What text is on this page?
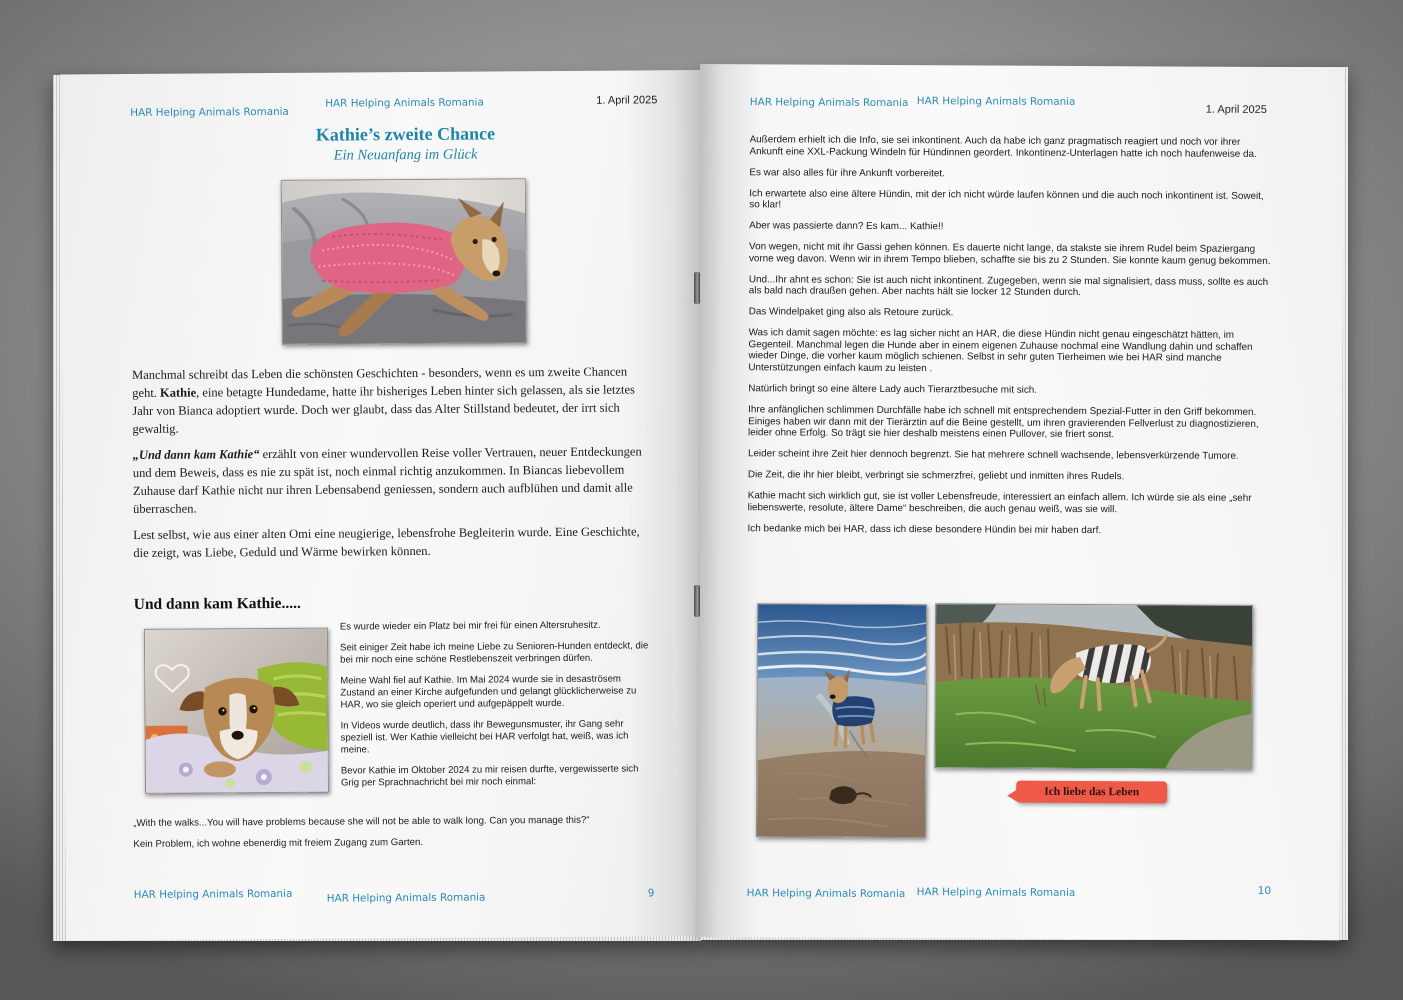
HAR Helping Animals Romania
HAR Helping Animals Romania	1. April 2025
Kathie’s zweite Chance
Ein Neuanfang im Glück

Manchmal schreibt das Leben die schönsten Geschichten - besonders, wenn es um zweite Chancen geht. Kathie, eine betagte Hundedame, hatte ihr bisheriges Leben hinter sich gelassen, als sie letztes Jahr von Bianca adoptiert wurde. Doch wer glaubt, dass das Alter Stillstand bedeutet, der irrt sich gewaltig.

„Und dann kam Kathie“ erzählt von einer wundervollen Reise voller Vertrauen, neuer Entdeckungen und dem Beweis, dass es nie zu spät ist, noch einmal richtig anzukommen. In Biancas liebevollem Zuhause darf Kathie nicht nur ihren Lebensabend geniessen, sondern auch aufblühen und damit alle überraschen.

Lest selbst, wie aus einer alten Omi eine neugierige, lebensfrohe Begleiterin wurde. Eine Geschichte, die zeigt, was Liebe, Geduld und Wärme bewirken können.

Und dann kam Kathie.....

Es wurde wieder ein Platz bei mir frei für einen Altersruhesitz.

Seit einiger Zeit habe ich meine Liebe zu Senioren-Hunden entdeckt, die bei mir noch eine schöne Restlebenszeit verbringen dürfen.

Meine Wahl fiel auf Kathie. Im Mai 2024 wurde sie in desaströsem Zustand an einer Kirche aufgefunden und gelangt glücklicherweise zu HAR, wo sie gleich operiert und aufgepäppelt wurde.

In Videos wurde deutlich, dass ihr Bewegunsmuster, ihr Gang sehr speziell ist. Wer Kathie vielleicht bei HAR verfolgt hat, weiß, was ich meine.

Bevor Kathie im Oktober 2024 zu mir reisen durfte, vergewisserte sich Grig per Sprachnachricht bei mir noch einmal:

„With the walks...You will have problems because she will not be able to walk long. Can you manage this?“
Kein Problem, ich wohne ebenerdig mit freiem Zugang zum Garten.
HAR Helping Animals Romania	HAR Helping Animals Romania	9
HAR Helping Animals Romania HAR Helping Animals Romania
1. April 2025

Außerdem erhielt ich die Info, sie sei inkontinent. Auch da habe ich ganz pragmatisch reagiert und noch vor ihrer Ankunft eine XXL-Packung Windeln für Hündinnen geordert. Inkontinenz-Unterlagen hatte ich noch haufenweise da.

Es war also alles für ihre Ankunft vorbereitet.

Ich erwartete also eine ältere Hündin, mit der ich nicht würde laufen können und die auch noch inkontinent ist. Soweit, so klar!

Aber was passierte dann? Es kam... Kathie!!

Von wegen, nicht mit ihr Gassi gehen können. Es dauerte nicht lange, da stakste sie ihrem Rudel beim Spaziergang vorne weg davon. Wenn wir in ihrem Tempo blieben, schaffte sie bis zu 2 Stunden. Sie konnte kaum genug bekommen.

Und...Ihr ahnt es schon: Sie ist auch nicht inkontinent. Zugegeben, wenn sie mal signalisiert, dass muss, sollte es auch als bald nach draußen gehen. Aber nachts hält sie locker 12 Stunden durch.

Das Windelpaket ging also als Retoure zurück.

Was ich damit sagen möchte: es lag sicher nicht an HAR, die diese Hündin nicht genau eingeschätzt hätten, im Gegenteil. Manchmal legen die Hunde aber in einem eigenen Zuhause nochmal eine Wandlung dahin und schaffen wieder Dinge, die vorher kaum möglich schienen. Selbst in sehr guten Tierheimen wie bei HAR sind manche Unterstützungen einfach kaum zu leisten .

Natürlich bringt so eine ältere Lady auch Tierarztbesuche mit sich.

Ihre anfänglichen schlimmen Durchfälle habe ich schnell mit entsprechendem Spezial-Futter in den Griff bekommen. Einiges haben wir dann mit der Tierärztin auf die Beine gestellt, um ihren gravierenden Fellverlust zu diagnostizieren, leider ohne Erfolg. So trägt sie hier deshalb meistens einen Pullover, sie friert sonst.

Leider scheint ihre Zeit hier dennoch begrenzt. Sie hat mehrere schnell wachsende, lebensverkürzende Tumore.

Die Zeit, die ihr hier bleibt, verbringt sie schmerzfrei, geliebt und inmitten ihres Rudels.

Kathie macht sich wirklich gut, sie ist voller Lebensfreude, interessiert an einfach allem. Ich würde sie als eine „sehr liebenswerte, resolute, ältere Dame“ beschreiben, die auch genau weiß, was sie will.

Ich bedanke mich bei HAR, dass ich diese besondere Hündin bei mir haben darf.

Ich liebe das Leben
HAR Helping Animals Romania HAR Helping Animals Romania	10
